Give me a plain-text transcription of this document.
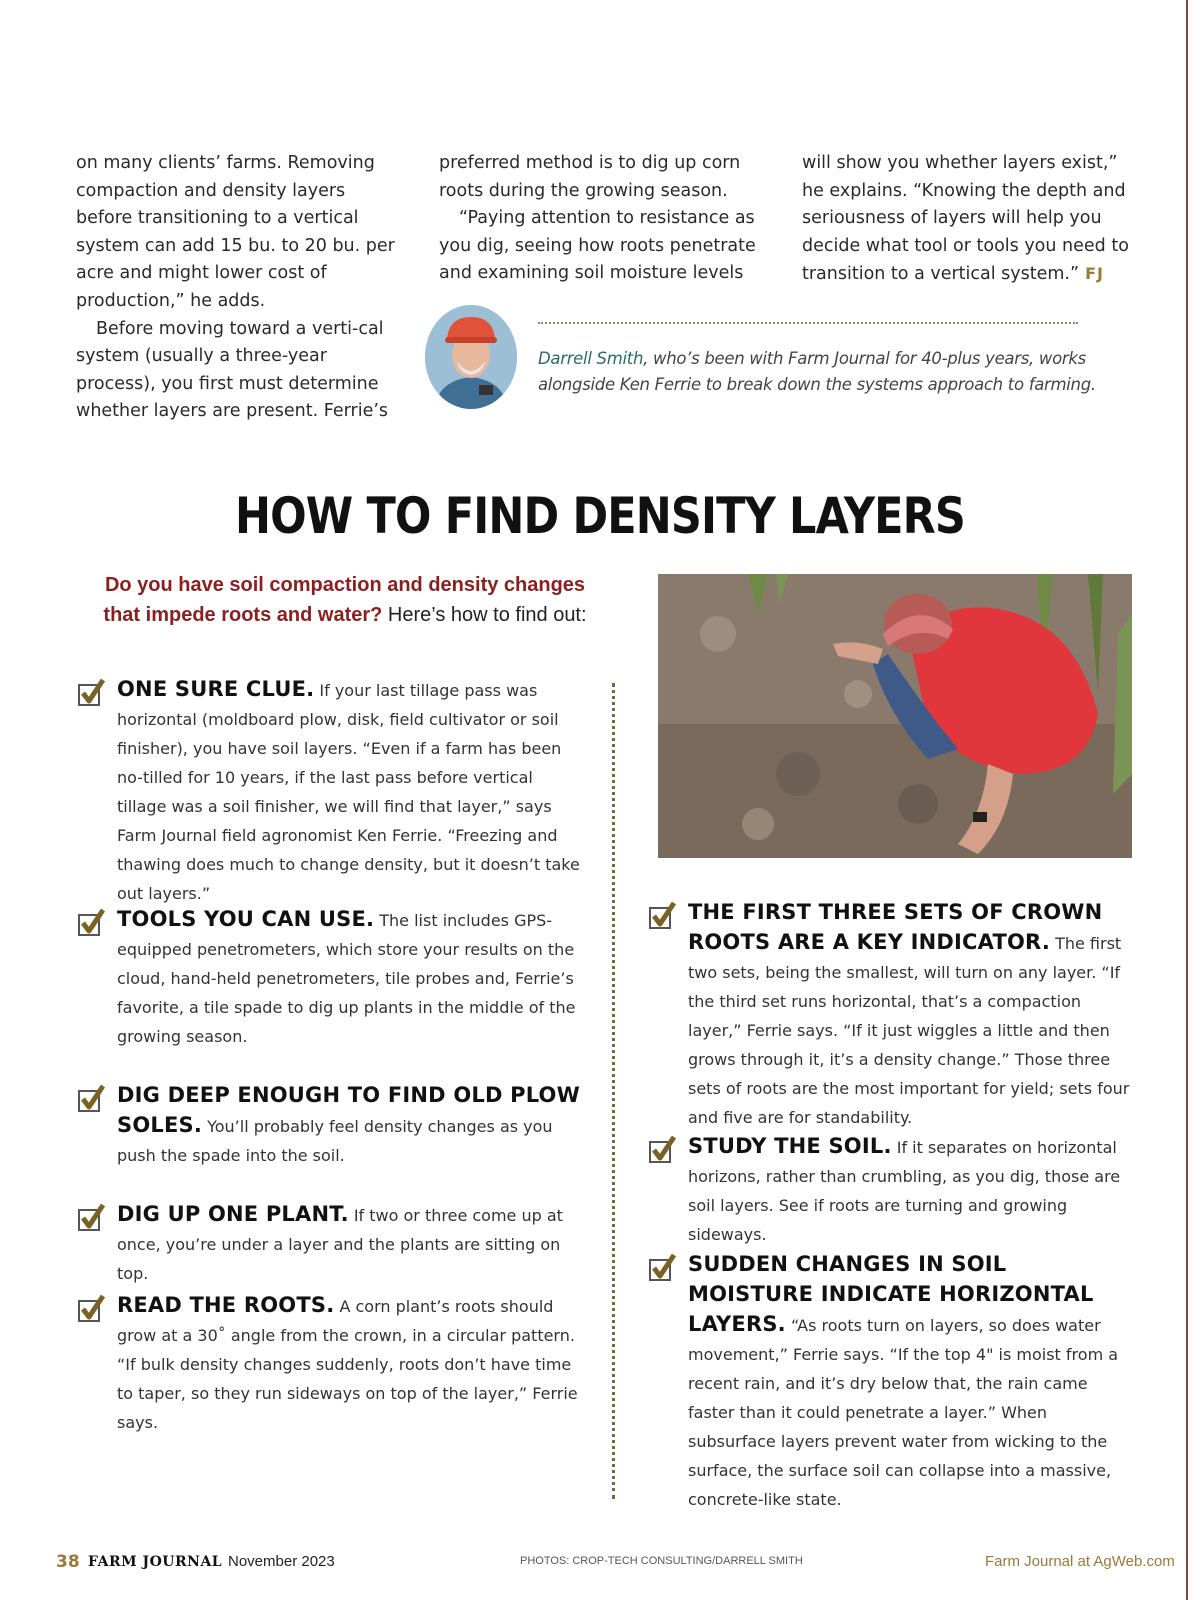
on many clients’ farms. Removing compaction and density layers before transitioning to a vertical system can add 15 bu. to 20 bu. per acre and might lower cost of production,” he adds.

Before moving toward a verti-cal system (usually a three-year process), you first must determine whether layers are present. Ferrie’s

preferred method is to dig up corn roots during the growing season.

“Paying attention to resistance as you dig, seeing how roots penetrate and examining soil moisture levels

will show you whether layers exist,” he explains. “Knowing the depth and seriousness of layers will help you decide what tool or tools you need to transition to a vertical system.” FJ

Darrell Smith, who’s been with Farm Journal for 40-plus years, works alongside Ken Ferrie to break down the systems approach to farming.
HOW TO FIND DENSITY LAYERS
Do you have soil compaction and density changes that impede roots and water? Here’s how to find out:
ONE SURE CLUE. If your last tillage pass was horizontal (moldboard plow, disk, field cultivator or soil finisher), you have soil layers. “Even if a farm has been no-tilled for 10 years, if the last pass before vertical tillage was a soil finisher, we will find that layer,” says Farm Journal field agronomist Ken Ferrie. “Freezing and thawing does much to change density, but it doesn’t take out layers.”
TOOLS YOU CAN USE. The list includes GPS-equipped penetrometers, which store your results on the cloud, hand-held penetrometers, tile probes and, Ferrie’s favorite, a tile spade to dig up plants in the middle of the growing season.
DIG DEEP ENOUGH TO FIND OLD PLOW SOLES. You’ll probably feel density changes as you push the spade into the soil.
DIG UP ONE PLANT. If two or three come up at once, you’re under a layer and the plants are sitting on top.
READ THE ROOTS. A corn plant’s roots should grow at a 30˚ angle from the crown, in a circular pattern. “If bulk density changes suddenly, roots don’t have time to taper, so they run sideways on top of the layer,” Ferrie says.
THE FIRST THREE SETS OF CROWN ROOTS ARE A KEY INDICATOR. The first two sets, being the smallest, will turn on any layer. “If the third set runs horizontal, that’s a compaction layer,” Ferrie says. “If it just wiggles a little and then grows through it, it’s a density change.” Those three sets of roots are the most important for yield; sets four and five are for standability.
STUDY THE SOIL. If it separates on horizontal horizons, rather than crumbling, as you dig, those are soil layers. See if roots are turning and growing sideways.
SUDDEN CHANGES IN SOIL MOISTURE INDICATE HORIZONTAL LAYERS. “As roots turn on layers, so does water movement,” Ferrie says. “If the top 4" is moist from a recent rain, and it’s dry below that, the rain came faster than it could penetrate a layer.” When subsurface layers prevent water from wicking to the surface, the surface soil can collapse into a massive, concrete-like state.
38 FARM JOURNAL November 2023	PHOTOS: CROP-TECH CONSULTING/DARRELL SMITH	Farm Journal at AgWeb.com
